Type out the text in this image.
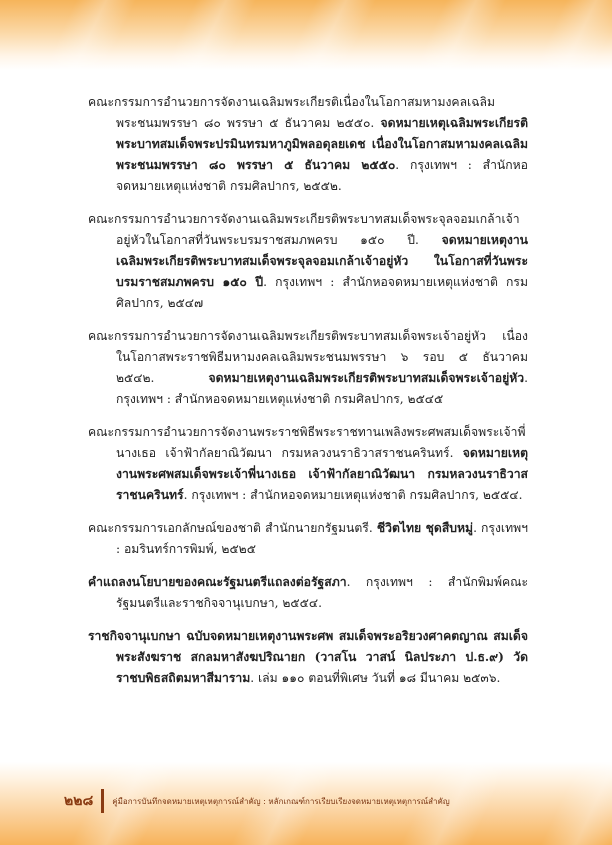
คณะกรรมการอำนวยการจัดงานเฉลิมพระเกียรติเนื่องในโอกาสมหามงคลเฉลิมพระชนมพรรษา ๘๐ พรรษา ๕ ธันวาคม ๒๕๕๐. จดหมายเหตุเฉลิมพระเกียรติพระบาทสมเด็จพระปรมินทรมหาภูมิพลอดุลยเดช เนื่องในโอกาสมหามงคลเฉลิมพระชนมพรรษา ๘๐ พรรษา ๕ ธันวาคม ๒๕๕๐. กรุงเทพฯ : สำนักหอจดหมายเหตุแห่งชาติ กรมศิลปากร, ๒๕๕๒.

คณะกรรมการอำนวยการจัดงานเฉลิมพระเกียรติพระบาทสมเด็จพระจุลจอมเกล้าเจ้าอยู่หัวในโอกาสที่วันพระบรมราชสมภพครบ ๑๕๐ ปี. จดหมายเหตุงานเฉลิมพระเกียรติพระบาทสมเด็จพระจุลจอมเกล้าเจ้าอยู่หัว ในโอกาสที่วันพระบรมราชสมภพครบ ๑๕๐ ปี. กรุงเทพฯ : สำนักหอจดหมายเหตุแห่งชาติ กรมศิลปากร, ๒๕๔๗

คณะกรรมการอำนวยการจัดงานเฉลิมพระเกียรติพระบาทสมเด็จพระเจ้าอยู่หัว เนื่องในโอกาสพระราชพิธีมหามงคลเฉลิมพระชนมพรรษา ๖ รอบ ๕ ธันวาคม ๒๕๔๒. จดหมายเหตุงานเฉลิมพระเกียรติพระบาทสมเด็จพระเจ้าอยู่หัว. กรุงเทพฯ : สำนักหอจดหมายเหตุแห่งชาติ กรมศิลปากร, ๒๕๔๕

คณะกรรมการอำนวยการจัดงานพระราชพิธีพระราชทานเพลิงพระศพสมเด็จพระเจ้าพี่นางเธอ เจ้าฟ้ากัลยาณิวัฒนา กรมหลวงนราธิวาสราชนครินทร์. จดหมายเหตุงานพระศพสมเด็จพระเจ้าพี่นางเธอ เจ้าฟ้ากัลยาณิวัฒนา กรมหลวงนราธิวาสราชนครินทร์. กรุงเทพฯ : สำนักหอจดหมายเหตุแห่งชาติ กรมศิลปากร, ๒๕๕๔.

คณะกรรมการเอกลักษณ์ของชาติ สำนักนายกรัฐมนตรี. ชีวิตไทย ชุดสืบหมู่. กรุงเทพฯ : อมรินทร์การพิมพ์, ๒๕๒๕

คำแถลงนโยบายของคณะรัฐมนตรีแถลงต่อรัฐสภา. กรุงเทพฯ : สำนักพิมพ์คณะรัฐมนตรีและราชกิจจานุเบกษา, ๒๕๕๔.

ราชกิจจานุเบกษา ฉบับจดหมายเหตุงานพระศพ สมเด็จพระอริยวงศาคตญาณ สมเด็จพระสังฆราช สกลมหาสังฆปริณายก (วาสโน วาสน์ นิลประภา ป.ธ.๙) วัดราชบพิธสถิตมหาสีมาราม. เล่ม ๑๑๐ ตอนที่พิเศษ วันที่ ๑๘ มีนาคม ๒๕๓๖.

๒๒๘	คู่มือการบันทึกจดหมายเหตุเหตุการณ์สำคัญ : หลักเกณฑ์การเรียบเรียงจดหมายเหตุเหตุการณ์สำคัญ
